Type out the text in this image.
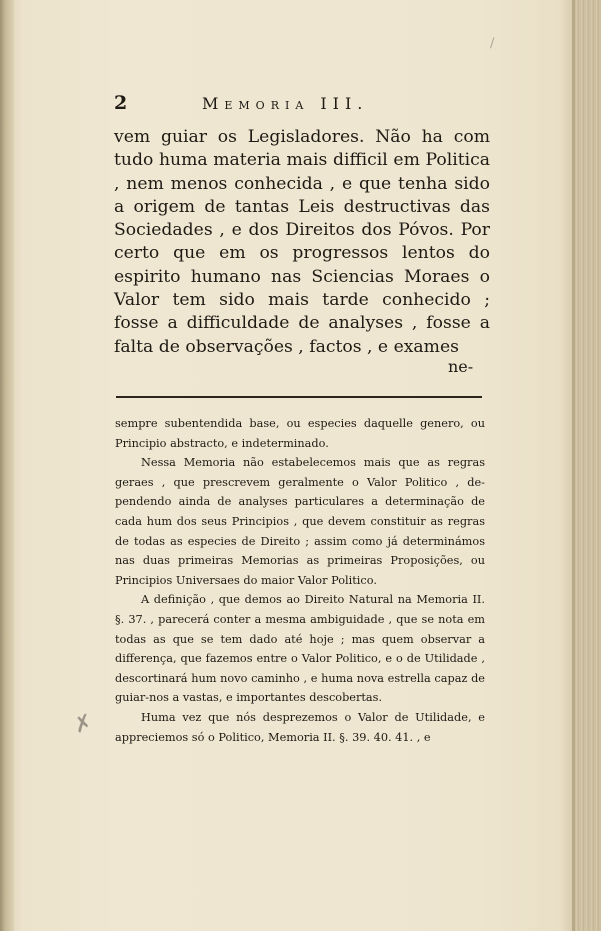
/
2	Memoria III.

vem guiar os Legisladores. Não ha com tudo huma materia mais difficil em Politica , nem menos conhecida , e que tenha sido a origem de tantas Leis destructivas das Sociedades , e dos Direitos dos Póvos. Por certo que em os progressos lentos do espirito humano nas Sciencias Moraes o Valor tem sido mais tarde conhecido ; fosse a difficuldade de analyses , fosse a falta de observações , factos , e exames

ne-

sempre subentendida base, ou especies daquelle genero, ou Principio abstracto, e indeterminado.

Nessa Memoria não estabelecemos mais que as regras geraes , que prescrevem geralmente o Valor Politico , dependendo ainda de analyses particulares a determinação de cada hum dos seus Principios , que devem constituir as regras de todas as especies de Direito ; assim como já determinámos nas duas primeiras Memorias as primeiras Proposições, ou Principios Universaes do maior Valor Politico.

A definição , que demos ao Direito Natural na Memoria II. §. 37. , parecerá conter a mesma ambiguidade , que se nota em todas as que se tem dado até hoje ; mas quem observar a differença, que fazemos entre o Valor Politico, e o de Utilidade , descortinará hum novo caminho , e huma nova estrella capaz de guiar-nos a vastas, e importantes descobertas.

Huma vez que nós desprezemos o Valor de Utilidade, e appreciemos só o Politico, Memoria II. §. 39. 40. 41. , e

✗
